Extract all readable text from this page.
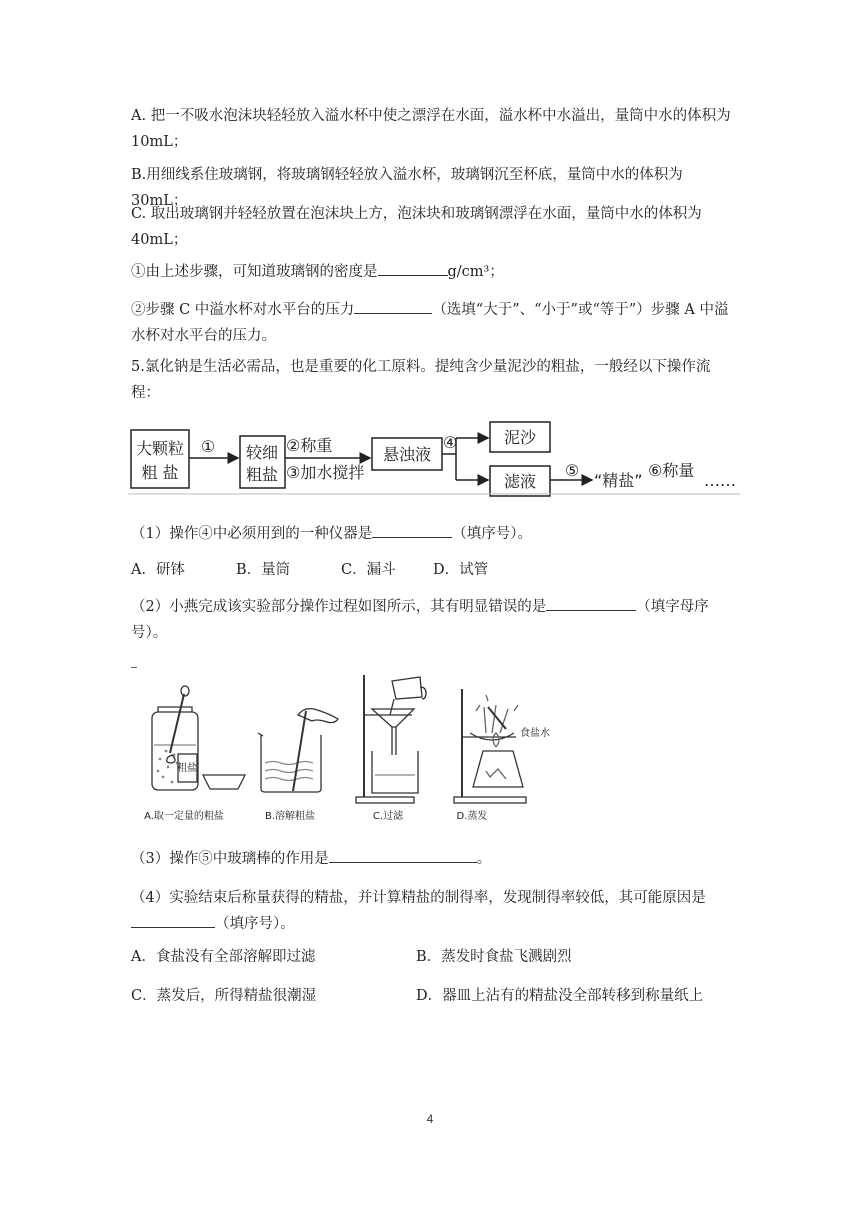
A. 把一不吸水泡沫块轻轻放入溢水杯中使之漂浮在水面，溢水杯中水溢出，量筒中水的体积为 10mL；

B.用细线系住玻璃钢，将玻璃钢轻轻放入溢水杯，玻璃钢沉至杯底，量筒中水的体积为 30mL；

C. 取出玻璃钢并轻轻放置在泡沫块上方，泡沫块和玻璃钢漂浮在水面，量筒中水的体积为 40mL；

①由上述步骤，可知道玻璃钢的密度是	g/cm³；

②步骤 C 中溢水杯对水平台的压力	（选填“大于”、“小于”或“等于”）步骤 A 中溢水杯对水平台的压力。

5.氯化钠是生活必需品，也是重要的化工原料。提纯含少量泥沙的粗盐，一般经以下操作流程：

大颗粒
粗 盐
① 较细
粗盐
②称重
③加水搅拌
悬浊液
④	泥沙
滤液
⑤
“精盐”
⑥称量
……

（1）操作④中必须用到的一种仪器是	（填序号）。

A．研钵	B．量筒	C．漏斗	D．试管

（2）小燕完成该实验部分操作过程如图所示，其有明显错误的是	（填字母序号）。

粗盐
食盐水
A.取一定量的粗盐	B.溶解粗盐	C.过滤	D.蒸发

（3）操作⑤中玻璃棒的作用是	。

（4）实验结束后称量获得的精盐，并计算精盐的制得率，发现制得率较低，其可能原因是（填序号）。

A．食盐没有全部溶解即过滤	B．蒸发时食盐飞溅剧烈
C．蒸发后，所得精盐很潮湿	D．器皿上沾有的精盐没全部转移到称量纸上
4
